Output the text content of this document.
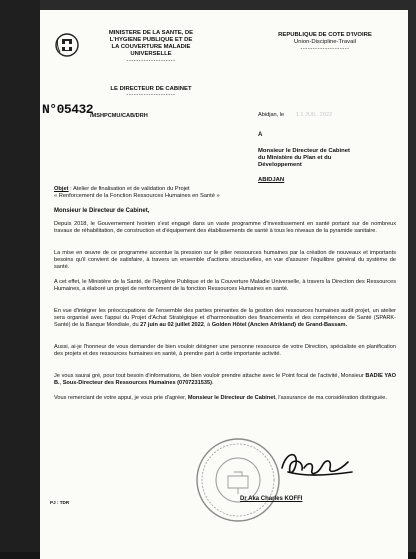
MINISTERE DE LA SANTE, DE
L'HYGIENE PUBLIQUE ET DE
LA COUVERTURE MALADIE
UNIVERSELLE
--------------------
LE DIRECTEUR DE CABINET
--------------------
REPUBLIQUE DE COTE D'IVOIRE
Union-Discipline-Travail
--------------------
N°05432
/MSHPCMU/CAB/DRH	Abidjan, le 1 1 JUIL. 2022
A
Monsieur le Directeur de Cabinet
du Ministère du Plan et du
Développement
ABIDJAN
Objet : Atelier de finalisation et de validation du Projet
« Renforcement de la Fonction Ressources Humaines en Santé »
Monsieur le Directeur de Cabinet,
Depuis 2018, le Gouvernement Ivoirien s'est engagé dans un vaste programme d'investissement en santé portant sur de nombreux travaux de réhabilitation, de construction et d'équipement des établissements de santé à tous les niveaux de la pyramide sanitaire.
La mise en œuvre de ce programme accentue la pression sur le pilier ressources humaines par la création de nouveaux et importants besoins qu'il convient de satisfaire, à travers un ensemble d'actions structurelles, en vue d'assurer l'équilibre général du système de santé.
A cet effet, le Ministère de la Santé, de l'Hygiène Publique et de la Couverture Maladie Universelle, à travers la Direction des Ressources Humaines, a élaboré un projet de renforcement de la fonction Ressources Humaines en santé.
En vue d'intégrer les préoccupations de l'ensemble des parties prenantes de la gestion des ressources humaines audit projet, un atelier sera organisé avec l'appui du Projet d'Achat Stratégique et d'harmonisation des financements et des compétences de Santé (SPARK-Santé) de la Banque Mondiale, du 27 juin au 02 juillet 2022, à Golden Hôtel (Ancien Afrikland) de Grand-Bassam.
Aussi, ai-je l'honneur de vous demander de bien vouloir désigner une personne ressource de votre Direction, spécialiste en planification des projets et des ressources humaines en santé, à prendre part à cette importante activité.
Je vous saurai gré, pour tout besoin d'informations, de bien vouloir prendre attache avec le Point focal de l'activité, Monsieur BADIE YAO B., Sous-Directeur des Ressources Humaines (0707231535).
Vous remerciant de votre appui, je vous prie d'agréer, Monsieur le Directeur de Cabinet, l'assurance de ma considération distinguée.
Dr Aka Charles KOFFI
PJ : TDR
